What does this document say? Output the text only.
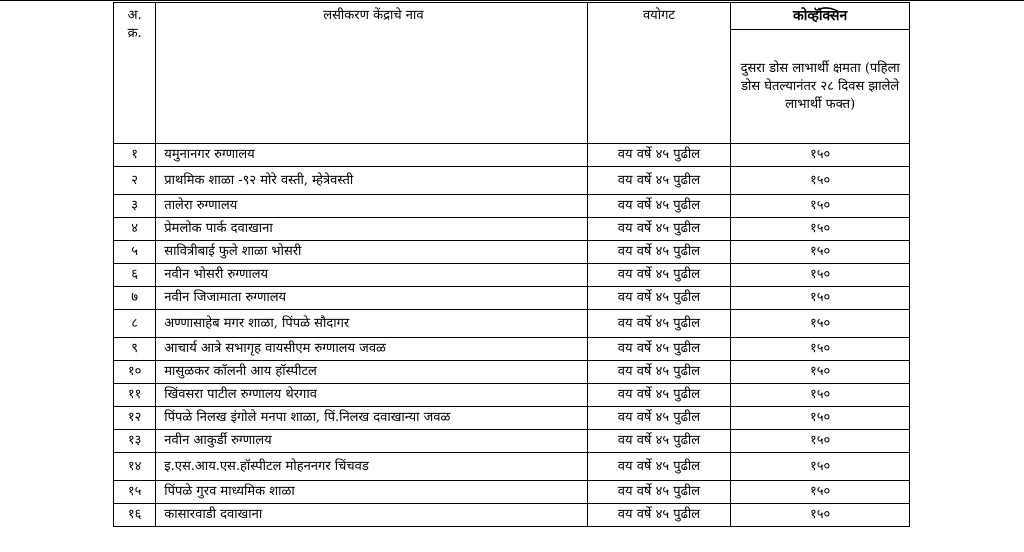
अ.
क्र.	लसीकरण केंद्राचे नाव	वयोगट	कोव्हॅक्सिन
			दुसरा डोस लाभार्थी क्षमता (पहिला डोस घेतल्यानंतर २८ दिवस झालेले लाभार्थी फक्त)
१	यमुनानगर रुग्णालय	वय वर्षे ४५ पुढील	१५०
२	प्राथमिक शाळा -९२ मोरे वस्ती, म्हेत्रेवस्ती	वय वर्षे ४५ पुढील	१५०
३	तालेरा रुग्णालय	वय वर्षे ४५ पुढील	१५०
४	प्रेमलोक पार्क दवाखाना	वय वर्षे ४५ पुढील	१५०
५	सावित्रीबाई फुले शाळा भोसरी	वय वर्षे ४५ पुढील	१५०
६	नवीन भोसरी रुग्णालय	वय वर्षे ४५ पुढील	१५०
७	नवीन जिजामाता रुग्णालय	वय वर्षे ४५ पुढील	१५०
८	अण्णासाहेब मगर शाळा, पिंपळे सौदागर	वय वर्षे ४५ पुढील	१५०
९	आचार्य आत्रे सभागृह वायसीएम रुग्णालय जवळ	वय वर्षे ४५ पुढील	१५०
१०	मासुळकर कॉलनी आय हॉस्पीटल	वय वर्षे ४५ पुढील	१५०
११	खिंवसरा पाटील रुग्णालय थेरगाव	वय वर्षे ४५ पुढील	१५०
१२	पिंपळे निलख इंगोले मनपा शाळा, पिं.निलख दवाखान्या जवळ	वय वर्षे ४५ पुढील	१५०
१३	नवीन आकुर्डी रुग्णालय	वय वर्षे ४५ पुढील	१५०
१४	इ.एस.आय.एस.हॉस्पीटल मोहननगर चिंचवड	वय वर्षे ४५ पुढील	१५०
१५	पिंपळे गुरव माध्यमिक शाळा	वय वर्षे ४५ पुढील	१५०
१६	कासारवाडी दवाखाना	वय वर्षे ४५ पुढील	१५०
